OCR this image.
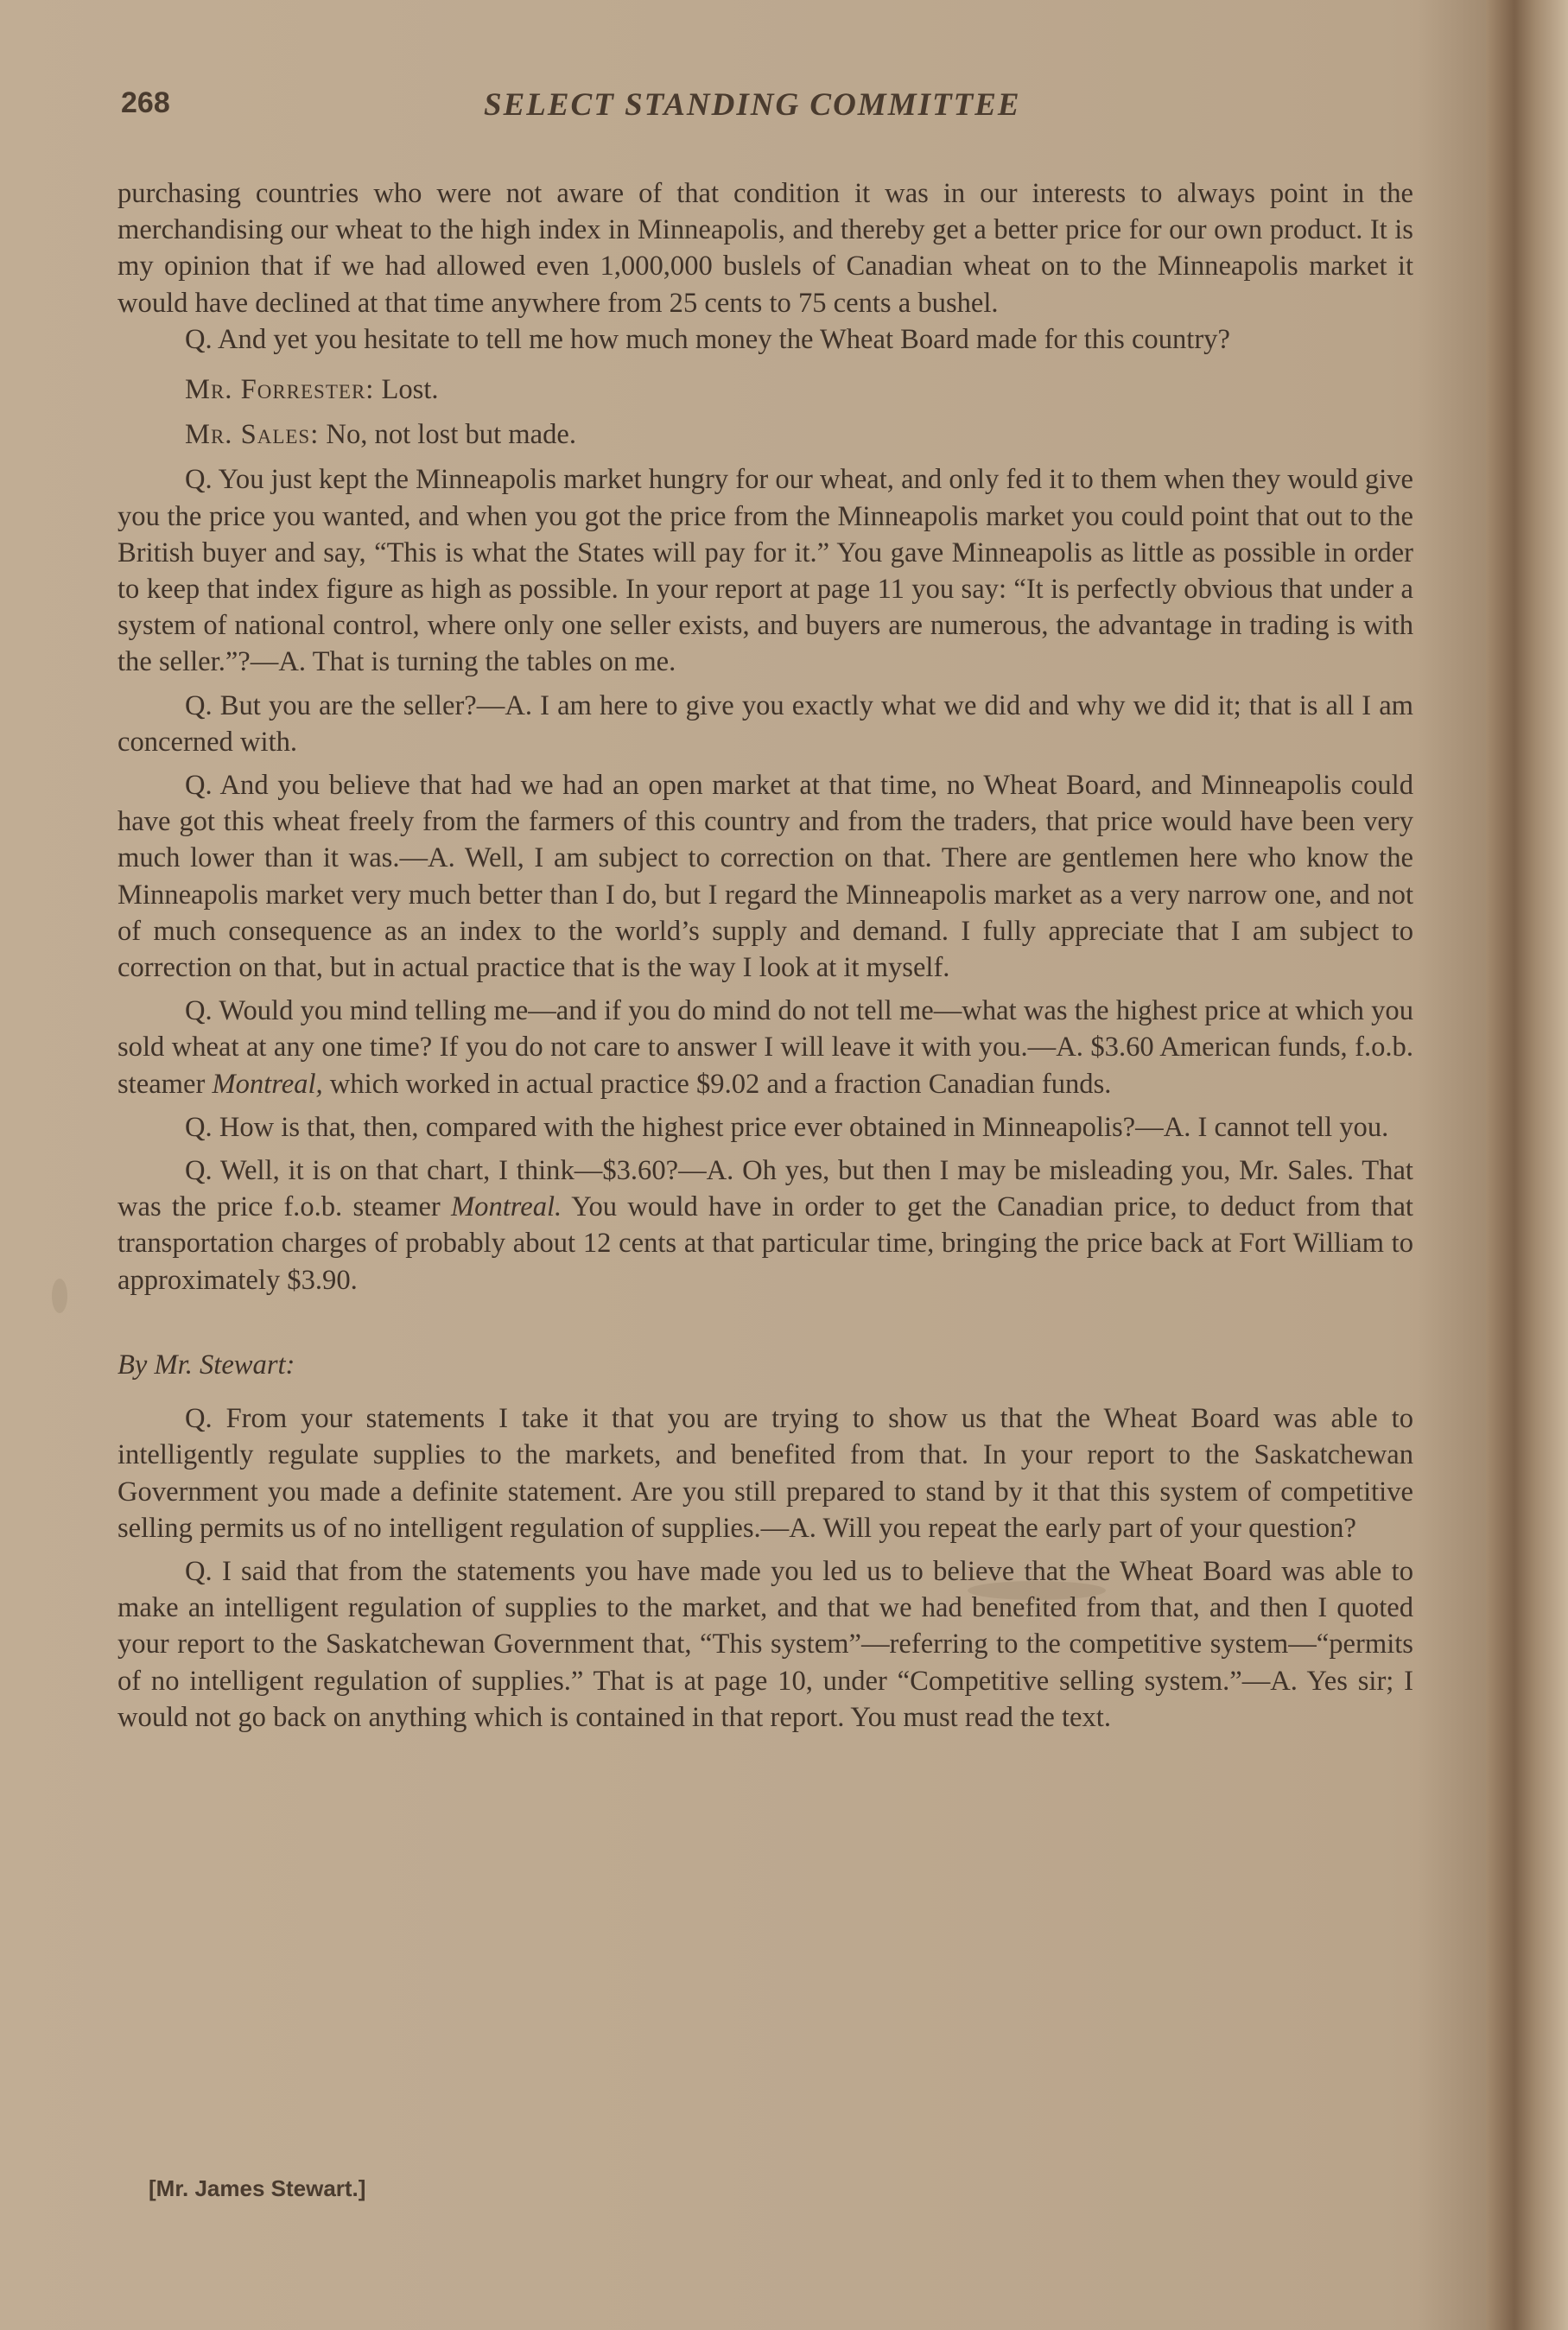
268	SELECT STANDING COMMITTEE

purchasing countries who were not aware of that condition it was in our interests to always point in the merchandising our wheat to the high index in Minneapolis, and thereby get a better price for our own product. It is my opinion that if we had allowed even 1,000,000 buslels of Canadian wheat on to the Minneapolis market it would have declined at that time anywhere from 25 cents to 75 cents a bushel.

Q. And yet you hesitate to tell me how much money the Wheat Board made for this country?

Mr. Forrester: Lost.

Mr. Sales: No, not lost but made.

Q. You just kept the Minneapolis market hungry for our wheat, and only fed it to them when they would give you the price you wanted, and when you got the price from the Minneapolis market you could point that out to the British buyer and say, “This is what the States will pay for it.” You gave Minneapolis as little as possible in order to keep that index figure as high as possible. In your report at page 11 you say: “It is perfectly obvious that under a system of national control, where only one seller exists, and buyers are numerous, the advantage in trading is with the seller.”?—A. That is turning the tables on me.

Q. But you are the seller?—A. I am here to give you exactly what we did and why we did it; that is all I am concerned with.

Q. And you believe that had we had an open market at that time, no Wheat Board, and Minneapolis could have got this wheat freely from the farmers of this country and from the traders, that price would have been very much lower than it was.—A. Well, I am subject to correction on that. There are gentlemen here who know the Minneapolis market very much better than I do, but I regard the Minneapolis market as a very narrow one, and not of much consequence as an index to the world’s supply and demand. I fully appreciate that I am subject to correction on that, but in actual practice that is the way I look at it myself.

Q. Would you mind telling me—and if you do mind do not tell me—what was the highest price at which you sold wheat at any one time? If you do not care to answer I will leave it with you.—A. $3.60 American funds, f.o.b. steamer Montreal, which worked in actual practice $9.02 and a fraction Canadian funds.

Q. How is that, then, compared with the highest price ever obtained in Minneapolis?—A. I cannot tell you.

Q. Well, it is on that chart, I think—$3.60?—A. Oh yes, but then I may be misleading you, Mr. Sales. That was the price f.o.b. steamer Montreal. You would have in order to get the Canadian price, to deduct from that transportation charges of probably about 12 cents at that particular time, bringing the price back at Fort William to approximately $3.90.

By Mr. Stewart:

Q. From your statements I take it that you are trying to show us that the Wheat Board was able to intelligently regulate supplies to the markets, and benefited from that. In your report to the Saskatchewan Government you made a definite statement. Are you still prepared to stand by it that this system of competitive selling permits us of no intelligent regulation of supplies.—A. Will you repeat the early part of your question?

Q. I said that from the statements you have made you led us to believe that the Wheat Board was able to make an intelligent regulation of supplies to the market, and that we had benefited from that, and then I quoted your report to the Saskatchewan Government that, “This system”—referring to the competitive system—“permits of no intelligent regulation of supplies.” That is at page 10, under “Competitive selling system.”—A. Yes sir; I would not go back on anything which is contained in that report. You must read the text.

[Mr. James Stewart.]
